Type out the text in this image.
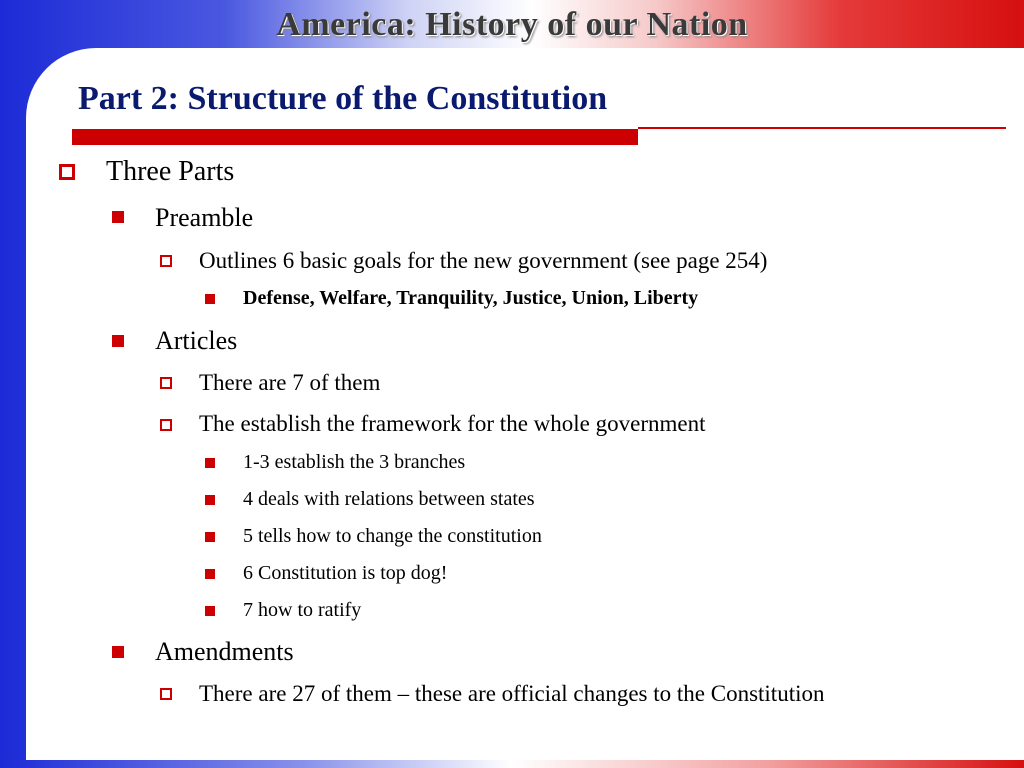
America: History of our Nation
Part 2: Structure of the Constitution
Three Parts
Preamble
Outlines 6 basic goals for the new government (see page 254)
Defense, Welfare, Tranquility, Justice, Union, Liberty
Articles
There are 7 of them
The establish the framework for the whole government
1-3 establish the 3 branches
4 deals with relations between states
5 tells how to change the constitution
6 Constitution is top dog!
7 how to ratify
Amendments
There are 27 of them – these are official changes to the Constitution
